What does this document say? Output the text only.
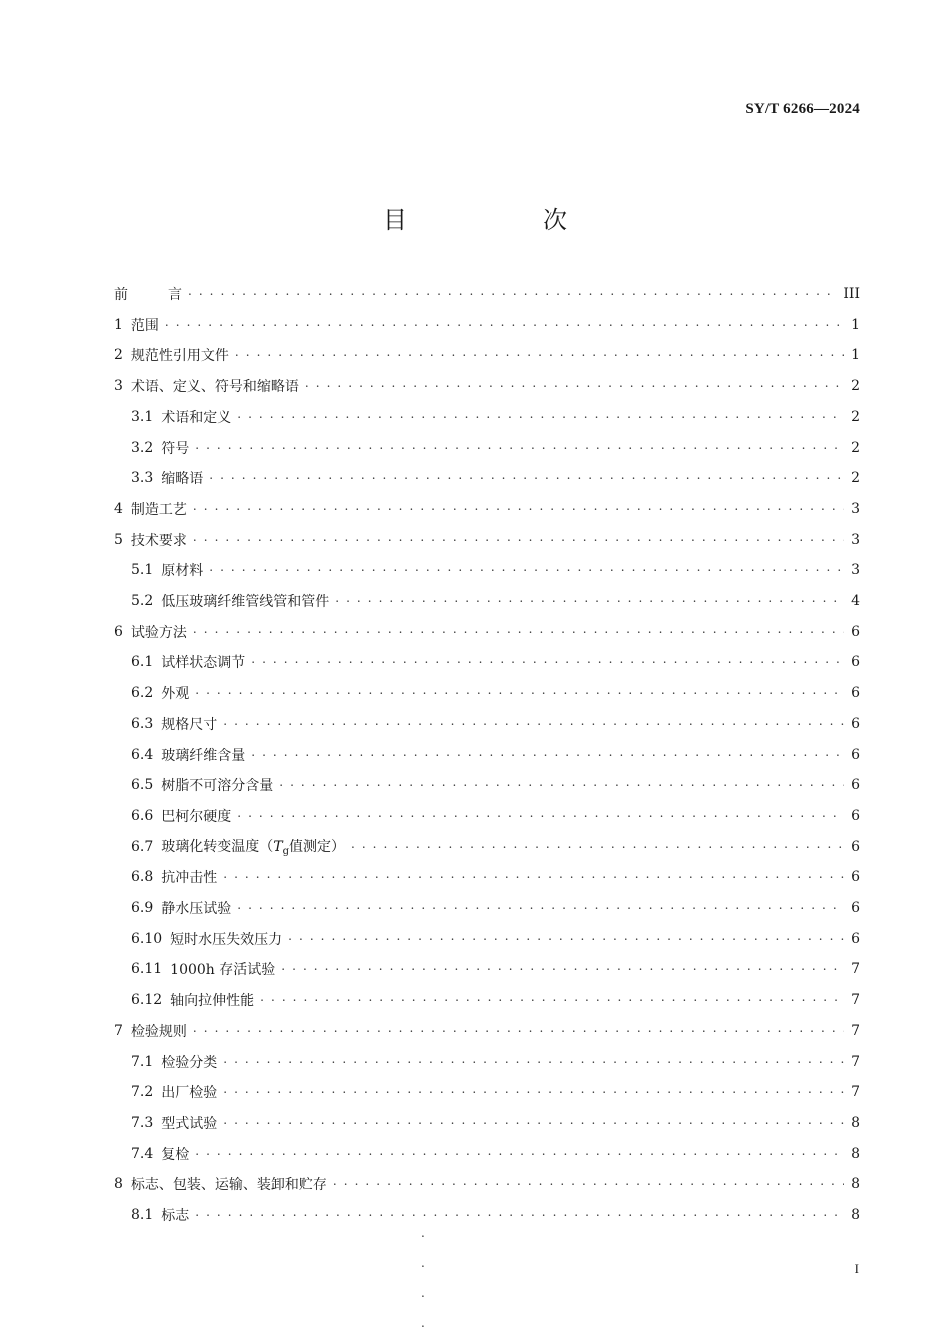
SY/T 6266—2024
目　次
前	言 . . .	III
1 范围 . . .	1
2 规范性引用文件 . . .	1
3 术语、定义、符号和缩略语 . . .	2
3.1 术语和定义 . . .	2
3.2 符号 . . .	2
3.3 缩略语 . . .	2
4 制造工艺 . . .	3
5 技术要求 . . .	3
5.1 原材料 . . .	3
5.2 低压玻璃纤维管线管和管件 . . .	4
6 试验方法 . . .	6
6.1 试样状态调节 . . .	6
6.2 外观 . . .	6
6.3 规格尺寸 . . .	6
6.4 玻璃纤维含量 . . .	6
6.5 树脂不可溶分含量 . . .	6
6.6 巴柯尔硬度 . . .	6
6.7 玻璃化转变温度（$T_g$值测定） . . .	6
6.8 抗冲击性 . . .	6
6.9 静水压试验 . . .	6
6.10 短时水压失效压力 . . .	6
6.11 1000h 存活试验 . . .	7
6.12 轴向拉伸性能 . . .	7
7 检验规则 . . .	7
7.1 检验分类 . . .	7
7.2 出厂检验 . . .	7
7.3 型式试验 . . .	8
7.4 复检 . . .	8
8 标志、包装、运输、装卸和贮存 . . .	8
8.1 标志 . . .	8
.
.
.
.
I
